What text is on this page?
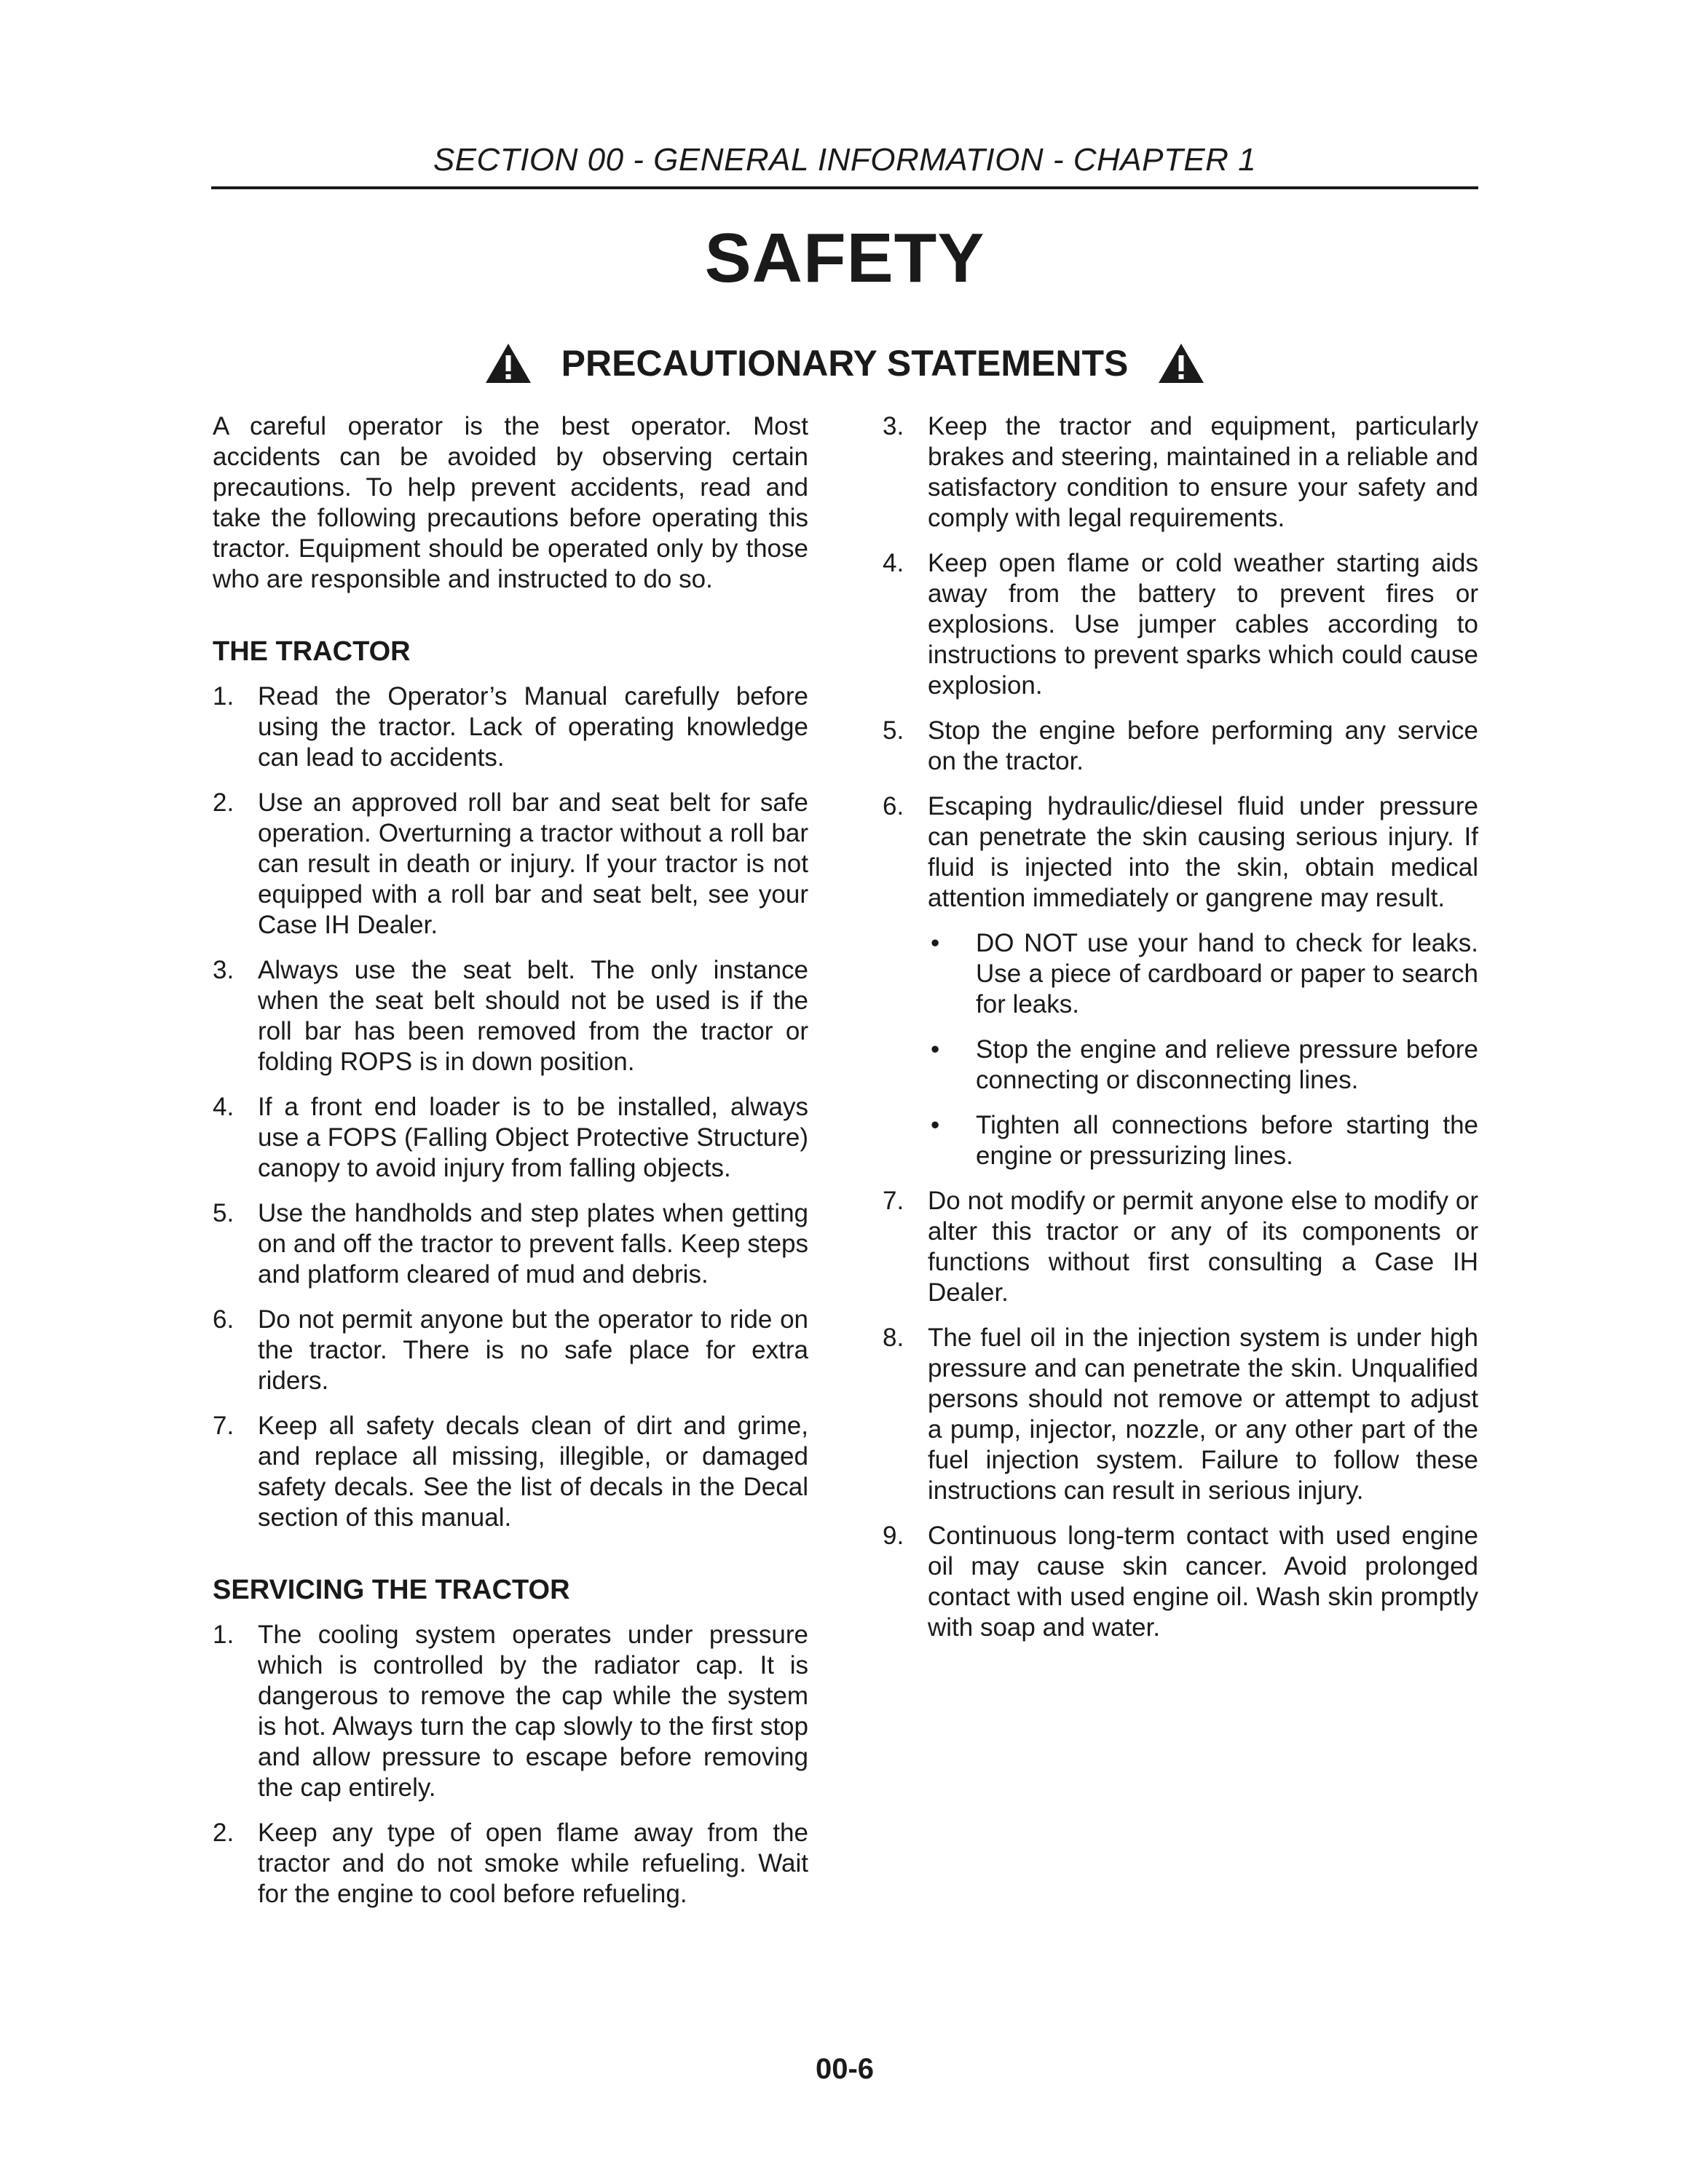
SECTION 00 - GENERAL INFORMATION - CHAPTER 1
SAFETY
PRECAUTIONARY STATEMENTS

A careful operator is the best operator. Most accidents can be avoided by observing certain precautions. To help prevent accidents, read and take the following precautions before operating this tractor. Equipment should be operated only by those who are responsible and instructed to do so.

THE TRACTOR
1. Read the Operator’s Manual carefully before using the tractor. Lack of operating knowledge can lead to accidents.
2. Use an approved roll bar and seat belt for safe operation. Overturning a tractor without a roll bar can result in death or injury. If your tractor is not equipped with a roll bar and seat belt, see your Case IH Dealer.
3. Always use the seat belt. The only instance when the seat belt should not be used is if the roll bar has been removed from the tractor or folding ROPS is in down position.
4. If a front end loader is to be installed, always use a FOPS (Falling Object Protective Structure) canopy to avoid injury from falling objects.
5. Use the handholds and step plates when getting on and off the tractor to prevent falls. Keep steps and platform cleared of mud and debris.
6. Do not permit anyone but the operator to ride on the tractor. There is no safe place for extra riders.
7. Keep all safety decals clean of dirt and grime, and replace all missing, illegible, or damaged safety decals. See the list of decals in the Decal section of this manual.
SERVICING THE TRACTOR
1. The cooling system operates under pressure which is controlled by the radiator cap. It is dangerous to remove the cap while the system is hot. Always turn the cap slowly to the first stop and allow pressure to escape before removing the cap entirely.
2. Keep any type of open flame away from the tractor and do not smoke while refueling. Wait for the engine to cool before refueling.
3. Keep the tractor and equipment, particularly brakes and steering, maintained in a reliable and satisfactory condition to ensure your safety and comply with legal requirements.
4. Keep open flame or cold weather starting aids away from the battery to prevent fires or explosions. Use jumper cables according to instructions to prevent sparks which could cause explosion.
5. Stop the engine before performing any service on the tractor.
6. Escaping hydraulic/diesel fluid under pressure can penetrate the skin causing serious injury. If fluid is injected into the skin, obtain medical attention immediately or gangrene may result.
•	DO NOT use your hand to check for leaks. Use a piece of cardboard or paper to search for leaks.
•	Stop the engine and relieve pressure before connecting or disconnecting lines.
•	Tighten all connections before starting the engine or pressurizing lines.
7. Do not modify or permit anyone else to modify or alter this tractor or any of its components or functions without first consulting a Case IH Dealer.
8. The fuel oil in the injection system is under high pressure and can penetrate the skin. Unqualified persons should not remove or attempt to adjust a pump, injector, nozzle, or any other part of the fuel injection system. Failure to follow these instructions can result in serious injury.
9. Continuous long-term contact with used engine oil may cause skin cancer. Avoid prolonged contact with used engine oil. Wash skin promptly with soap and water.
00-6
